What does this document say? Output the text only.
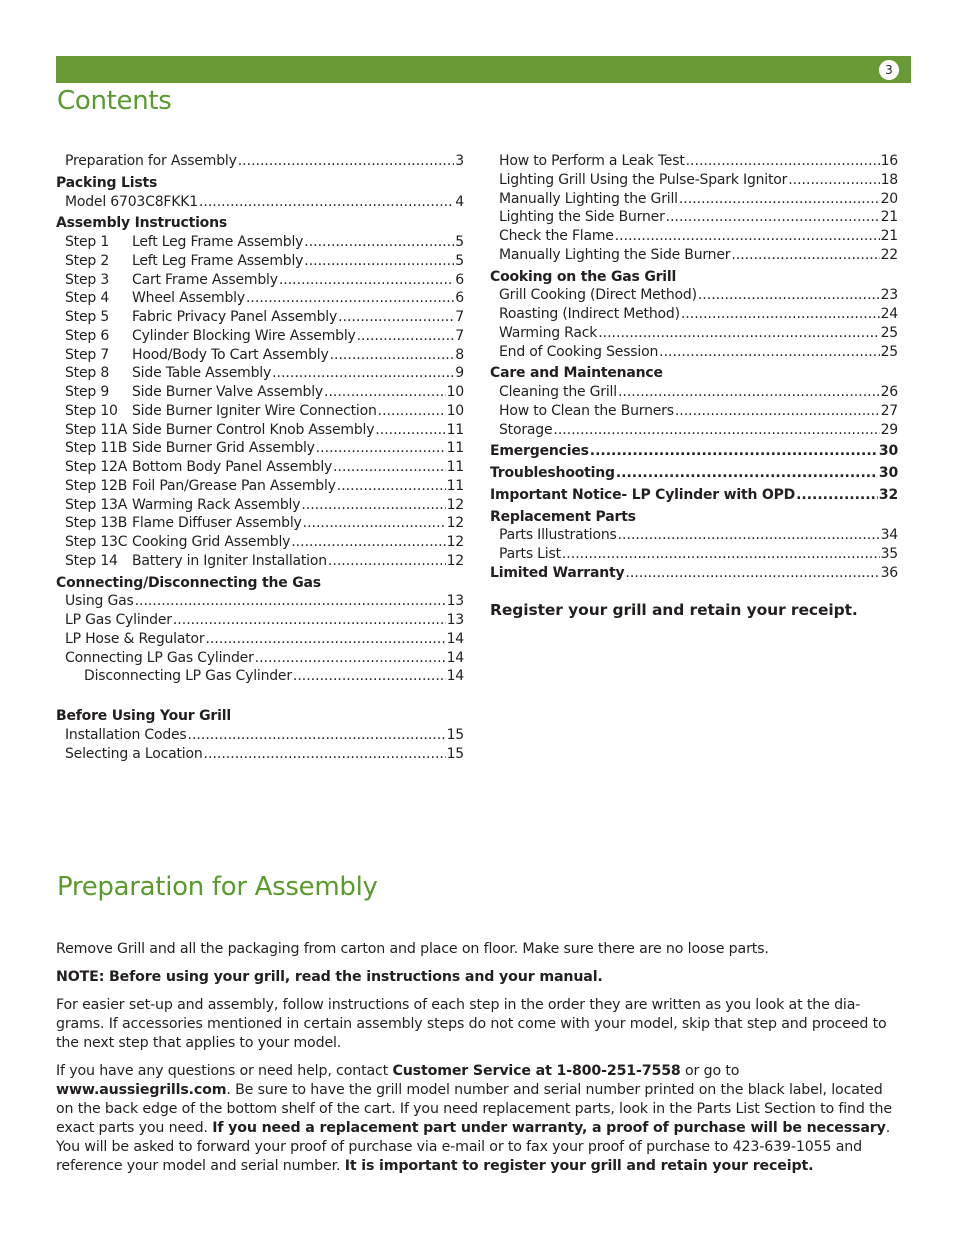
3
Contents
Preparation for Assembly .....	3
Packing Lists
Model 6703C8FKK1 .....	4
Assembly Instructions
Step 1 Left Leg Frame Assembly .....	5
Step 2 Left Leg Frame Assembly .....	5
Step 3 Cart Frame Assembly .....	6
Step 4 Wheel Assembly .....	6
Step 5 Fabric Privacy Panel Assembly .....	7
Step 6 Cylinder Blocking Wire Assembly .....	7
Step 7 Hood/Body To Cart Assembly .....	8
Step 8 Side Table Assembly .....	9
Step 9 Side Burner Valve Assembly .....	10
Step 10 Side Burner Igniter Wire Connection .....	10
Step 11A Side Burner Control Knob Assembly .....	11
Step 11B Side Burner Grid Assembly .....	11
Step 12A Bottom Body Panel Assembly .....	11
Step 12B Foil Pan/Grease Pan Assembly .....	11
Step 13A Warming Rack Assembly .....	12
Step 13B Flame Diffuser Assembly .....	12
Step 13C Cooking Grid Assembly .....	12
Step 14 Battery in Igniter Installation .....	12
Connecting/Disconnecting the Gas
Using Gas .....	13
LP Gas Cylinder .....	13
LP Hose & Regulator .....	14
Connecting LP Gas Cylinder .....	14
Disconnecting LP Gas Cylinder .....	14
Before Using Your Grill
Installation Codes .....	15
Selecting a Location .....	15
How to Perform a Leak Test .....	16
Lighting Grill Using the Pulse-Spark Ignitor .....	18
Manually Lighting the Grill .....	20
Lighting the Side Burner .....	21
Check the Flame .....	21
Manually Lighting the Side Burner .....	22
Cooking on the Gas Grill
Grill Cooking (Direct Method) .....	23
Roasting (Indirect Method) .....	24
Warming Rack .....	25
End of Cooking Session .....	25
Care and Maintenance
Cleaning the Grill .....	26
How to Clean the Burners .....	27
Storage .....	29
Emergencies .....	30
Troubleshooting .....	30
Important Notice- LP Cylinder with OPD .....	32
Replacement Parts
Parts Illustrations .....	34
Parts List .....	35
Limited Warranty .....	36
Register your grill and retain your receipt.
Preparation for Assembly

Remove Grill and all the packaging from carton and place on floor. Make sure there are no loose parts.

NOTE: Before using your grill, read the instructions and your manual.

For easier set-up and assembly, follow instructions of each step in the order they are written as you look at the dia-grams. If accessories mentioned in certain assembly steps do not come with your model, skip that step and proceed to the next step that applies to your model.

If you have any questions or need help, contact Customer Service at 1-800-251-7558 or go to www.aussiegrills.com. Be sure to have the grill model number and serial number printed on the black label, located on the back edge of the bottom shelf of the cart. If you need replacement parts, look in the Parts List Section to find the exact parts you need. If you need a replacement part under warranty, a proof of purchase will be necessary. You will be asked to forward your proof of purchase via e-mail or to fax your proof of purchase to 423-639-1055 and reference your model and serial number. It is important to register your grill and retain your receipt.
